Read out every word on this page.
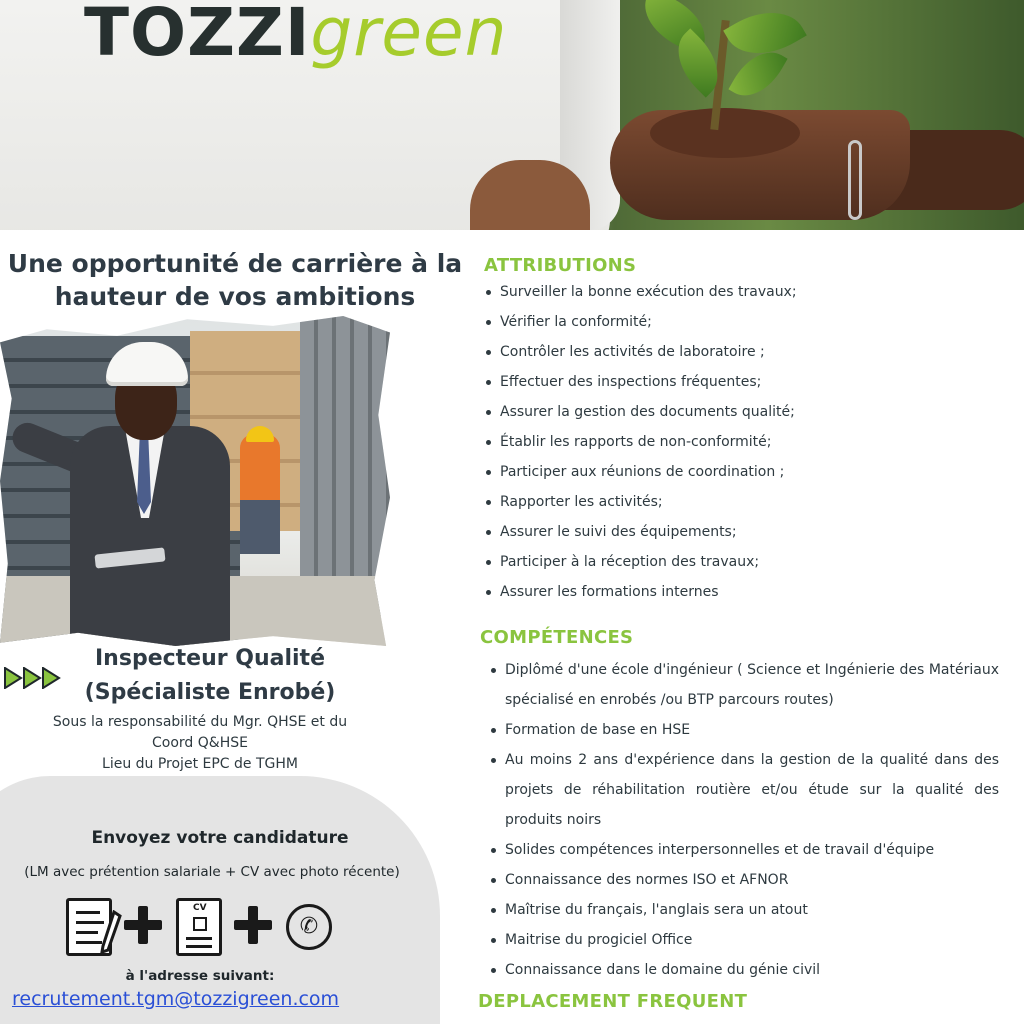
TOZZIgreen
Une opportunité de carrière à la hauteur de vos ambitions
Inspecteur Qualité
(Spécialiste Enrobé)
Sous la responsabilité du Mgr. QHSE et du
Coord Q&HSE
Lieu du Projet EPC de TGHM
Envoyez votre candidature
(LM avec prétention salariale + CV avec photo récente)
CV
✆
à l'adresse suivant:
recrutement.tgm@tozzigreen.com
ATTRIBUTIONS
Surveiller la bonne exécution des travaux;
Vérifier la conformité;
Contrôler les activités de laboratoire ;
Effectuer des inspections fréquentes;
Assurer la gestion des documents qualité;
Établir les rapports de non-conformité;
Participer aux réunions de coordination ;
Rapporter les activités;
Assurer le suivi des équipements;
Participer à la réception des travaux;
Assurer les formations internes
COMPÉTENCES
Diplômé d'une école d'ingénieur ( Science et Ingénierie des Matériaux spécialisé en enrobés /ou BTP parcours routes)
Formation de base en HSE
Au moins 2 ans d'expérience dans la gestion de la qualité dans des projets de réhabilitation routière et/ou étude sur la qualité des produits noirs
Solides compétences interpersonnelles et de travail d'équipe
Connaissance des normes ISO et AFNOR
Maîtrise du français, l'anglais sera un atout
Maitrise du progiciel Office
Connaissance dans le domaine du génie civil
DEPLACEMENT FREQUENT
